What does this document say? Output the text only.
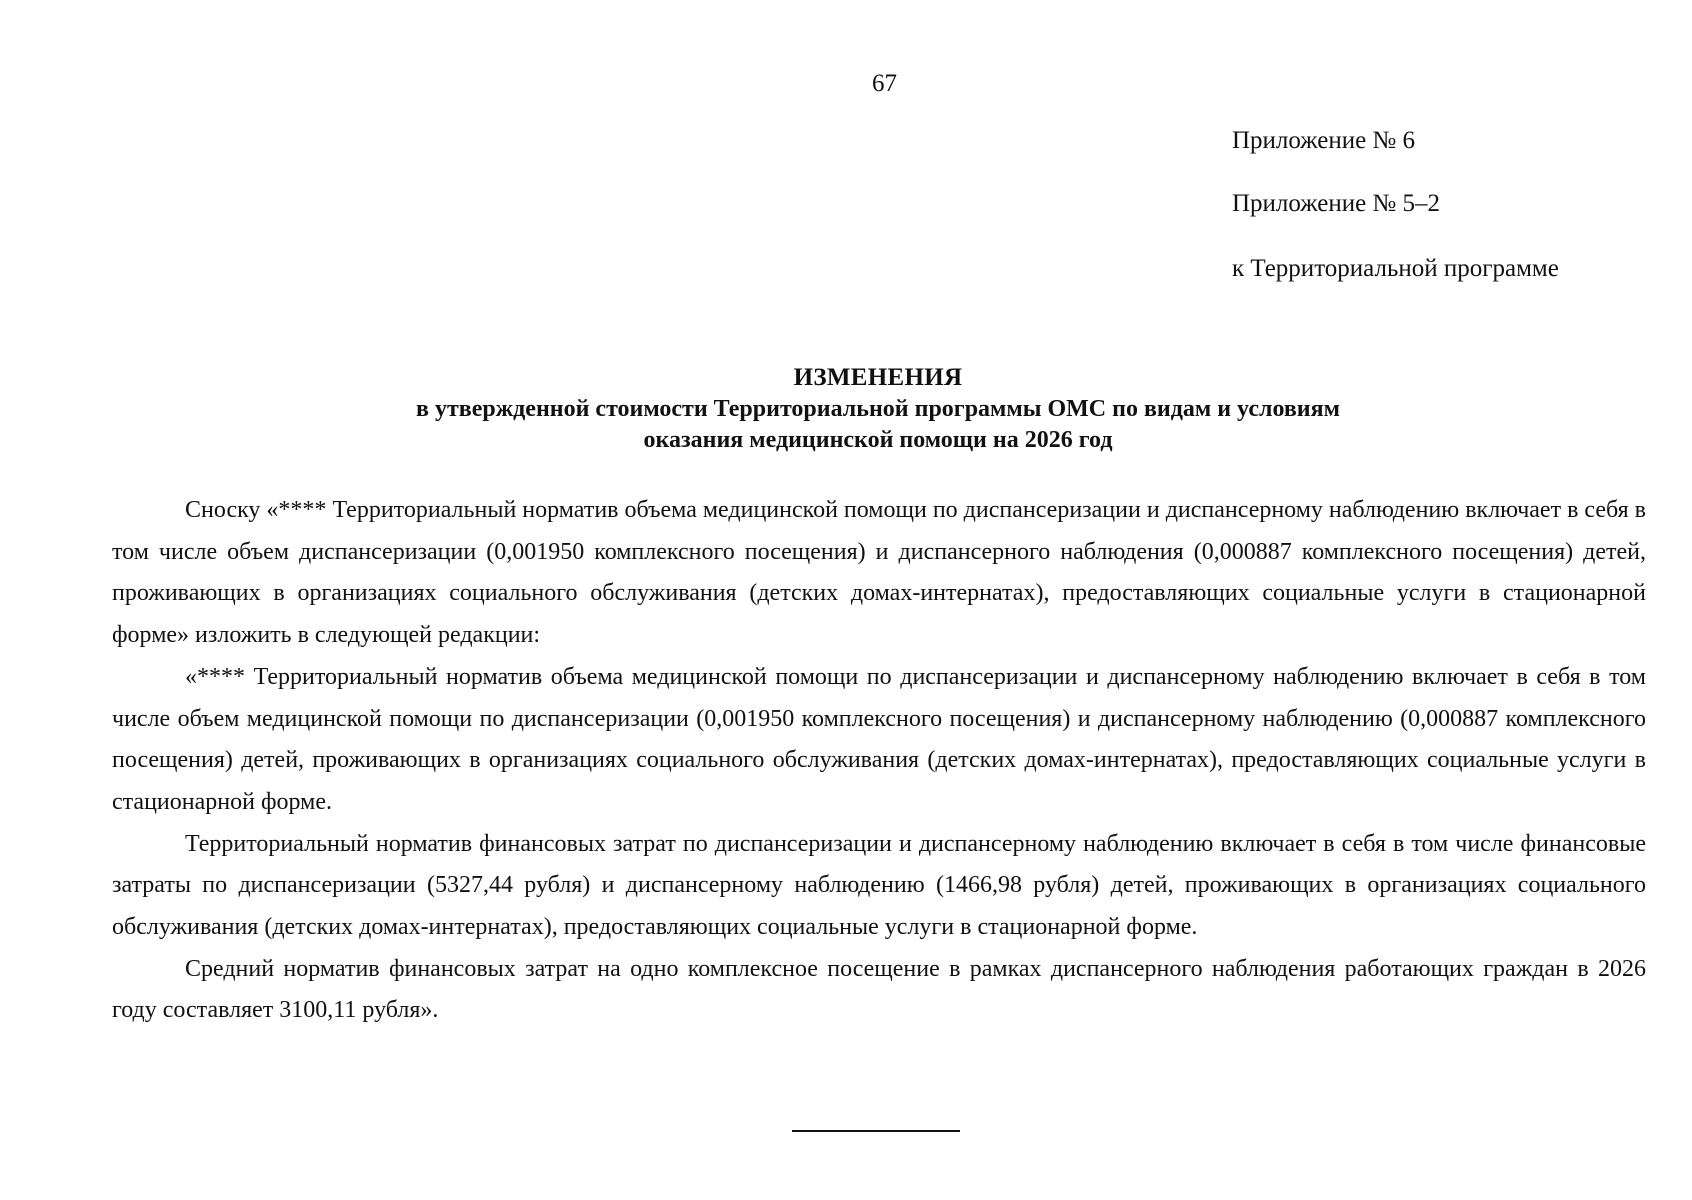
67
Приложение № 6
Приложение № 5–2
к Территориальной программе
ИЗМЕНЕНИЯ
в утвержденной стоимости Территориальной программы ОМС по видам и условиям
оказания медицинской помощи на 2026 год

Сноску «**** Территориальный норматив объема медицинской помощи по диспансеризации и диспансерному наблюдению включает в себя в том числе объем диспансеризации (0,001950 комплексного посещения) и диспансерного наблюдения (0,000887 комплексного посещения) детей, проживающих в организациях социального обслуживания (детских домах-интернатах), предоставляющих социальные услуги в стационарной форме» изложить в следующей редакции:

«**** Территориальный норматив объема медицинской помощи по диспансеризации и диспансерному наблюдению включает в себя в том числе объем медицинской помощи по диспансеризации (0,001950 комплексного посещения) и диспансерному наблюдению (0,000887 комплексного посещения) детей, проживающих в организациях социального обслуживания (детских домах-интернатах), предоставляющих социальные услуги в стационарной форме.

Территориальный норматив финансовых затрат по диспансеризации и диспансерному наблюдению включает в себя в том числе финансовые затраты по диспансеризации (5327,44 рубля) и диспансерному наблюдению (1466,98 рубля) детей, проживающих в организациях социального обслуживания (детских домах-интернатах), предоставляющих социальные услуги в стационарной форме.

Средний норматив финансовых затрат на одно комплексное посещение в рамках диспансерного наблюдения работающих граждан в 2026 году составляет 3100,11 рубля».
